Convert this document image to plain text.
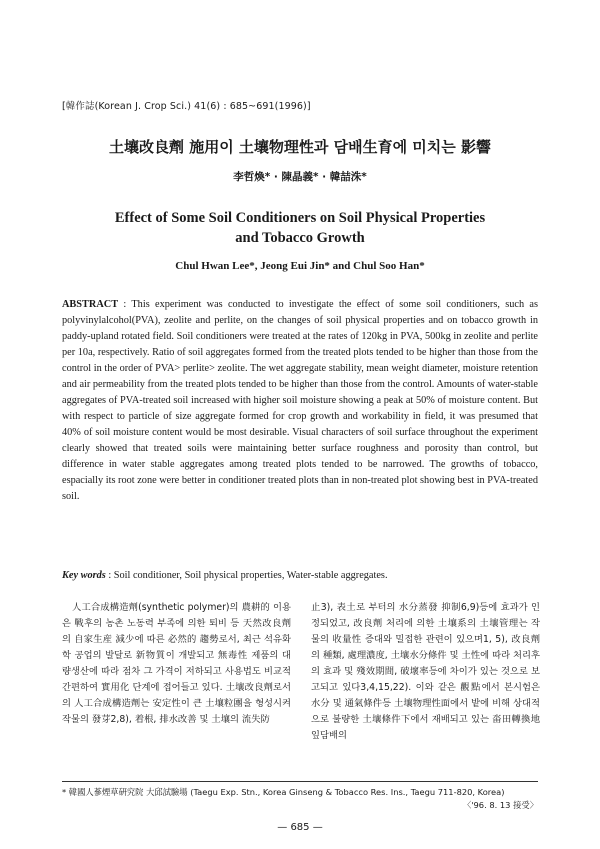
[韓作誌(Korean J. Crop Sci.) 41(6) : 685~691(1996)]
土壤改良劑 施用이 土壤物理性과 담배生育에 미치는 影響
李哲煥* · 陳晶義* · 韓喆洙*
Effect of Some Soil Conditioners on Soil Physical Properties
and Tobacco Growth
Chul Hwan Lee*, Jeong Eui Jin* and Chul Soo Han*
ABSTRACT : This experiment was conducted to investigate the effect of some soil conditioners, such as polyvinylalcohol(PVA), zeolite and perlite, on the changes of soil physical properties and on tobacco growth in paddy-upland rotated field. Soil conditioners were treated at the rates of 120kg in PVA, 500kg in zeolite and perlite per 10a, respectively. Ratio of soil aggregates formed from the treated plots tended to be higher than those from the control in the order of PVA> perlite> zeolite. The wet aggregate stability, mean weight diameter, moisture retention and air permeability from the treated plots tended to be higher than those from the control. Amounts of water-stable aggregates of PVA-treated soil increased with higher soil moisture showing a peak at 50% of moisture content. But with respect to particle of size aggregate formed for crop growth and workability in field, it was presumed that 40% of soil moisture content would be most desirable. Visual characters of soil surface throughout the experiment clearly showed that treated soils were maintaining better surface roughness and porosity than control, but difference in water stable aggregates among treated plots tended to be narrowed. The growths of tobacco, espacially its root zone were better in conditioner treated plots than in non-treated plot showing best in PVA-treated soil.
Key words : Soil conditioner, Soil physical properties, Water-stable aggregates.
人工合成構造劑(synthetic polymer)의 農耕的 이용은 戰후의 농촌 노동력 부족에 의한 퇴비 등 天然改良劑의 自家生産 減少에 따른 必然的 趨勢로서, 최근 석유화학 공업의 발달로 新物質이 개발되고 無毒性 제품의 대량생산에 따라 점차 그 가격이 저하되고 사용법도 비교적 간편하여 實用化 단계에 접어들고 있다. 土壤改良劑로서의 人工合成構造劑는 安定性이 큰 土壤粒團을 형성시켜 작물의 發芽2,8), 着根, 排水改善 및 土壤의 流失防
止3), 表土로 부터의 水分蒸發 抑制6,9)등에 효과가 인정되었고, 改良劑 처리에 의한 土壤系의 土壤管理는 작물의 收量性 증대와 밀접한 관련이 있으며1, 5), 改良劑의 種類, 處理濃度, 土壤水分條件 및 土性에 따라 처리후의 효과 및 殘效期間, 破壞率등에 차이가 있는 것으로 보고되고 있다3,4,15,22). 이와 같은 觀點에서 본시험은 水分 및 通氣條件등 土壤物理性面에서 밭에 비해 상대적으로 불량한 土壤條件下에서 재배되고 있는 畓田轉換地 잎담배의
* 韓國人蔘煙草硏究院 大邱試驗場 (Taegu Exp. Stn., Korea Ginseng & Tobacco Res. Ins., Taegu 711-820, Korea)
〈'96. 8. 13 接受〉
— 685 —
